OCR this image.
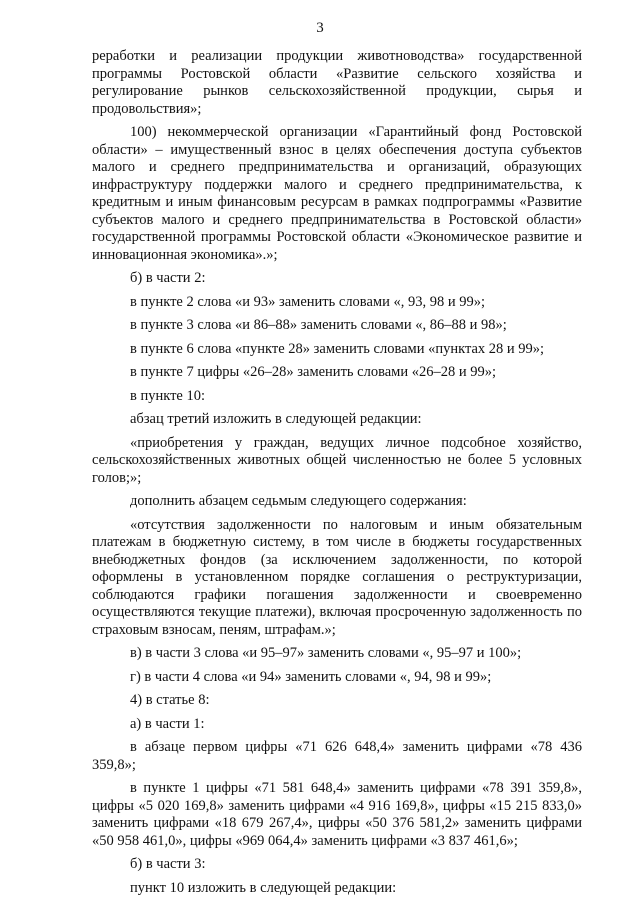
3

реработки и реализации продукции животноводства» государственной программы Ростовской области «Развитие сельского хозяйства и регулирование рынков сельскохозяйственной продукции, сырья и продовольствия»;

100) некоммерческой организации «Гарантийный фонд Ростовской области» – имущественный взнос в целях обеспечения доступа субъектов малого и среднего предпринимательства и организаций, образующих инфраструктуру поддержки малого и среднего предпринимательства, к кредитным и иным финансовым ресурсам в рамках подпрограммы «Развитие субъектов малого и среднего предпринимательства в Ростовской области» государственной программы Ростовской области «Экономическое развитие и инновационная экономика».»;

б) в части 2:

в пункте 2 слова «и 93» заменить словами «, 93, 98 и 99»;

в пункте 3 слова «и 86–88» заменить словами «, 86–88 и 98»;

в пункте 6 слова «пункте 28» заменить словами «пунктах 28 и 99»;

в пункте 7 цифры «26–28» заменить словами «26–28 и 99»;

в пункте 10:

абзац третий изложить в следующей редакции:

«приобретения у граждан, ведущих личное подсобное хозяйство, сельскохозяйственных животных общей численностью не более 5 условных голов;»;

дополнить абзацем седьмым следующего содержания:

«отсутствия задолженности по налоговым и иным обязательным платежам в бюджетную систему, в том числе в бюджеты государственных внебюджетных фондов (за исключением задолженности, по которой оформлены в установленном порядке соглашения о реструктуризации, соблюдаются графики погашения задолженности и своевременно осуществляются текущие платежи), включая просроченную задолженность по страховым взносам, пеням, штрафам.»;

в) в части 3 слова «и 95–97» заменить словами «, 95–97 и 100»;

г) в части 4 слова «и 94» заменить словами «, 94, 98 и 99»;

4) в статье 8:

а) в части 1:

в абзаце первом цифры «71 626 648,4» заменить цифрами «78 436 359,8»;

в пункте 1 цифры «71 581 648,4» заменить цифрами «78 391 359,8», цифры «5 020 169,8» заменить цифрами «4 916 169,8», цифры «15 215 833,0» заменить цифрами «18 679 267,4», цифры «50 376 581,2» заменить цифрами «50 958 461,0», цифры «969 064,4» заменить цифрами «3 837 461,6»;

б) в части 3:

пункт 10 изложить в следующей редакции:
